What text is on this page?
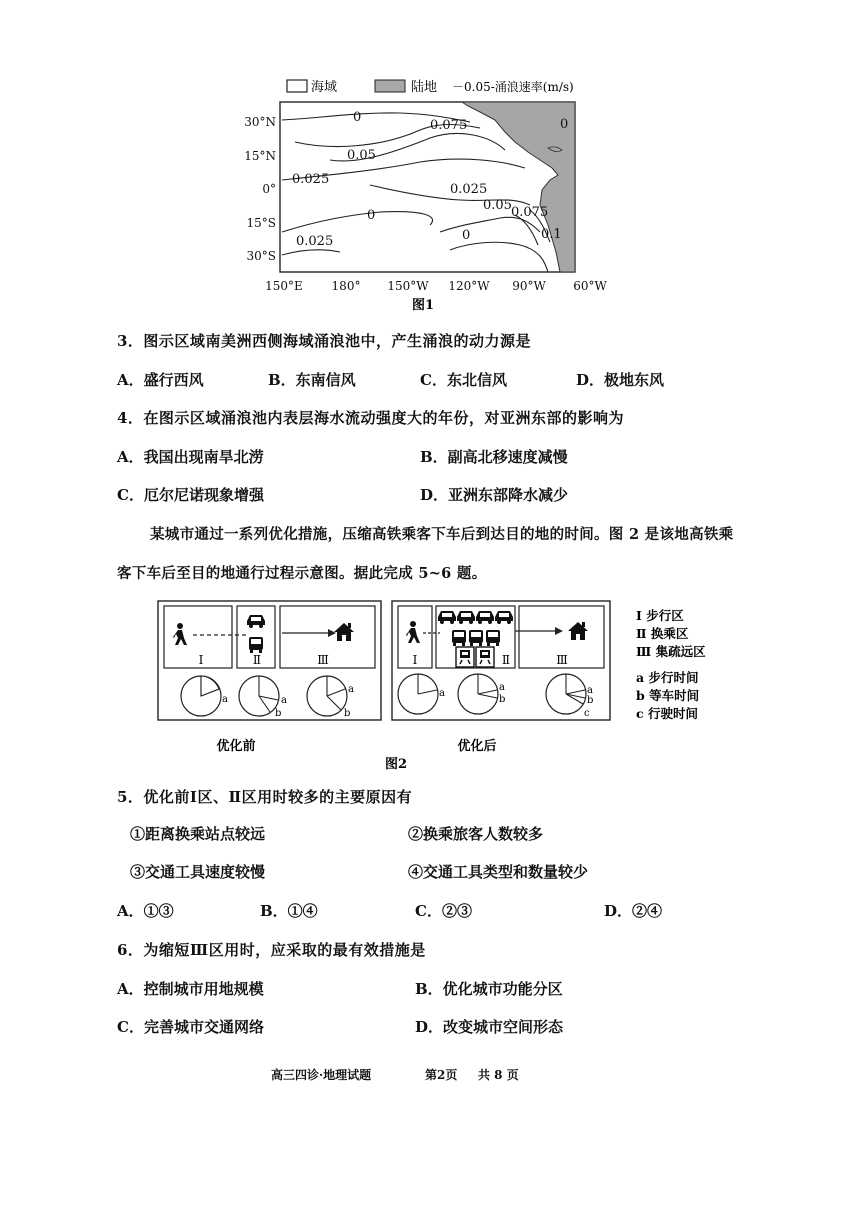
海域	陆地 －0.05-涌浪速率(m/s)
0
0.075	0
0.05
0.025
0.025
0
0.05 0.075
0.025	0	0.1
30°N
15°N
0°
15°S
30°S
150°E 180° 150°W 120°W 90°W 60°W
图1
3．图示区域南美洲西侧海域涌浪池中，产生涌浪的动力源是
A．盛行西风	B．东南信风	C．东北信风	D．极地东风
4．在图示区域涌浪池内表层海水流动强度大的年份，对亚洲东部的影响为
A．我国出现南旱北涝	B．副高北移速度减慢
C．厄尔尼诺现象增强	D．亚洲东部降水减少
某城市通过一系列优化措施，压缩高铁乘客下车后到达目的地的时间。图 2 是该地高铁乘
客下车后至目的地通行过程示意图。据此完成 5~6 题。
Ⅰ	Ⅱ	Ⅲ
a	a
b
a
b
Ⅰ	Ⅱ	Ⅲ
a
a
b
a
b
c
Ⅰ 步行区
Ⅱ 换乘区
Ⅲ 集疏远区
a 步行时间
b 等车时间
c 行驶时间
优化前	优化后
图2
5．优化前Ⅰ区、Ⅱ区用时较多的主要原因有
①距离换乘站点较远	②换乘旅客人数较多
③交通工具速度较慢	④交通工具类型和数量较少
A．①③	B．①④	C．②③	D．②④
6．为缩短Ⅲ区用时，应采取的最有效措施是
A．控制城市用地规模	B．优化城市功能分区
C．完善城市交通网络	D．改变城市空间形态
高三四诊·地理试题	第2页 共 8 页
